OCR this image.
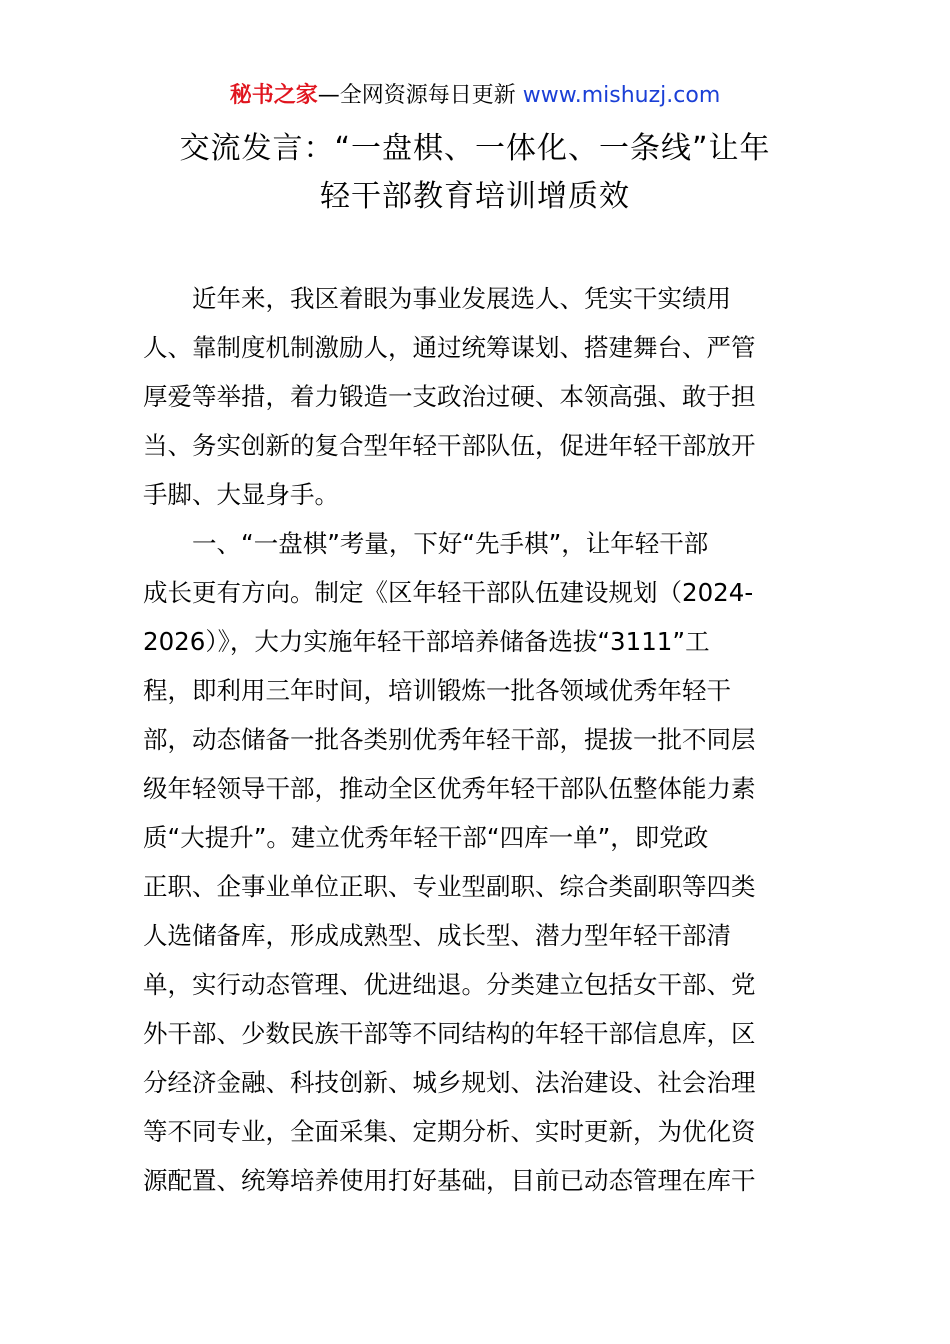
秘书之家—全网资源每日更新 www.mishuzj.com
交流发言：“一盘棋、一体化、一条线”让年
轻干部教育培训增质效
　　近年来，我区着眼为事业发展选人、凭实干实绩用
人、靠制度机制激励人，通过统筹谋划、搭建舞台、严管
厚爱等举措，着力锻造一支政治过硬、本领高强、敢于担
当、务实创新的复合型年轻干部队伍，促进年轻干部放开
手脚、大显身手。
　　一、“一盘棋”考量，下好“先手棋”，让年轻干部
成长更有方向。制定《区年轻干部队伍建设规划（2024-
2026）》，大力实施年轻干部培养储备选拔“3111”工
程，即利用三年时间，培训锻炼一批各领域优秀年轻干
部，动态储备一批各类别优秀年轻干部，提拔一批不同层
级年轻领导干部，推动全区优秀年轻干部队伍整体能力素
质“大提升”。建立优秀年轻干部“四库一单”，即党政
正职、企事业单位正职、专业型副职、综合类副职等四类
人选储备库，形成成熟型、成长型、潜力型年轻干部清
单，实行动态管理、优进绌退。分类建立包括女干部、党
外干部、少数民族干部等不同结构的年轻干部信息库，区
分经济金融、科技创新、城乡规划、法治建设、社会治理
等不同专业，全面采集、定期分析、实时更新，为优化资
源配置、统筹培养使用打好基础，目前已动态管理在库干
